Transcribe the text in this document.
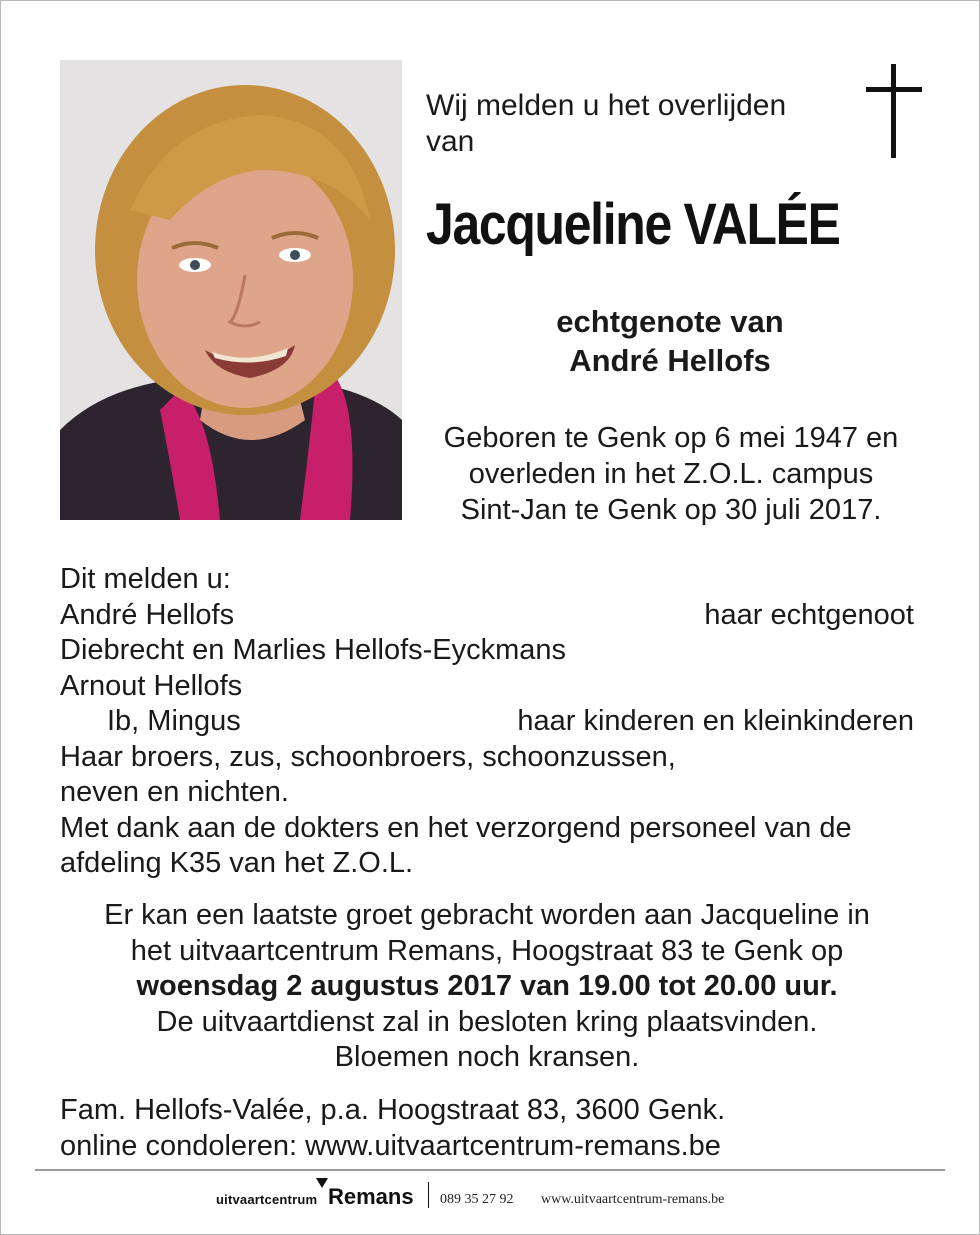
Wij melden u het overlijden
van
Jacqueline VALÉE
echtgenote van
André Hellofs
Geboren te Genk op 6 mei 1947 en
overleden in het Z.O.L. campus
Sint-Jan te Genk op 30 juli 2017.
Dit melden u:
André Hellofs	haar echtgenoot
Diebrecht en Marlies Hellofs-Eyckmans
Arnout Hellofs
Ib, Mingus	haar kinderen en kleinkinderen
Haar broers, zus, schoonbroers, schoonzussen,
neven en nichten.
Met dank aan de dokters en het verzorgend personeel van de
afdeling K35 van het Z.O.L.
Er kan een laatste groet gebracht worden aan Jacqueline in
het uitvaartcentrum Remans, Hoogstraat 83 te Genk op
woensdag 2 augustus 2017 van 19.00 tot 20.00 uur.
De uitvaartdienst zal in besloten kring plaatsvinden.
Bloemen noch kransen.
Fam. Hellofs-Valée, p.a. Hoogstraat 83, 3600 Genk.
online condoleren: www.uitvaartcentrum-remans.be
uitvaartcentrum Remans 089 35 27 92 www.uitvaartcentrum-remans.be
